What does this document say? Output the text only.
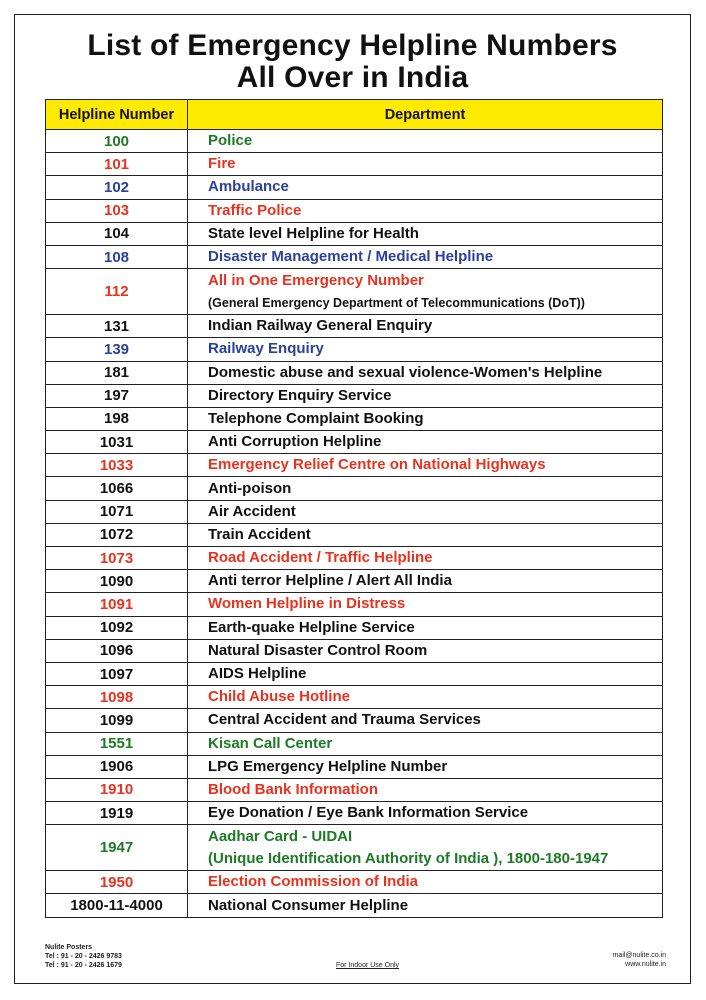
List of Emergency Helpline Numbers
All Over in India
Helpline Number	Department
100	Police

101	Fire

102	Ambulance

103	Traffic Police

104	State level Helpline for Health

108	Disaster Management / Medical Helpline

112	All in One Emergency Number
(General Emergency Department of Telecommunications (DoT))

131	Indian Railway General Enquiry

139	Railway Enquiry

181	Domestic abuse and sexual violence-Women's Helpline

197	Directory Enquiry Service

198	Telephone Complaint Booking

1031	Anti Corruption Helpline

1033	Emergency Relief Centre on National Highways

1066	Anti-poison

1071	Air Accident

1072	Train Accident

1073	Road Accident / Traffic Helpline

1090	Anti terror Helpline / Alert All India

1091	Women Helpline in Distress

1092	Earth-quake Helpline Service

1096	Natural Disaster Control Room

1097	AIDS Helpline

1098	Child Abuse Hotline

1099	Central Accident and Trauma Services

1551	Kisan Call Center

1906	LPG Emergency Helpline Number

1910	Blood Bank Information

1919	Eye Donation / Eye Bank Information Service

1947	Aadhar Card - UIDAI
(Unique Identification Authority of India ), 1800-180-1947

1950	Election Commission of India

1800-11-4000	National Consumer Helpline
Nulite Posters
Tel : 91 - 20 - 2426 9783
Tel : 91 - 20 - 2426 1679	For Indoor Use Only
mail@nulite.co.in
www.nulite.in
